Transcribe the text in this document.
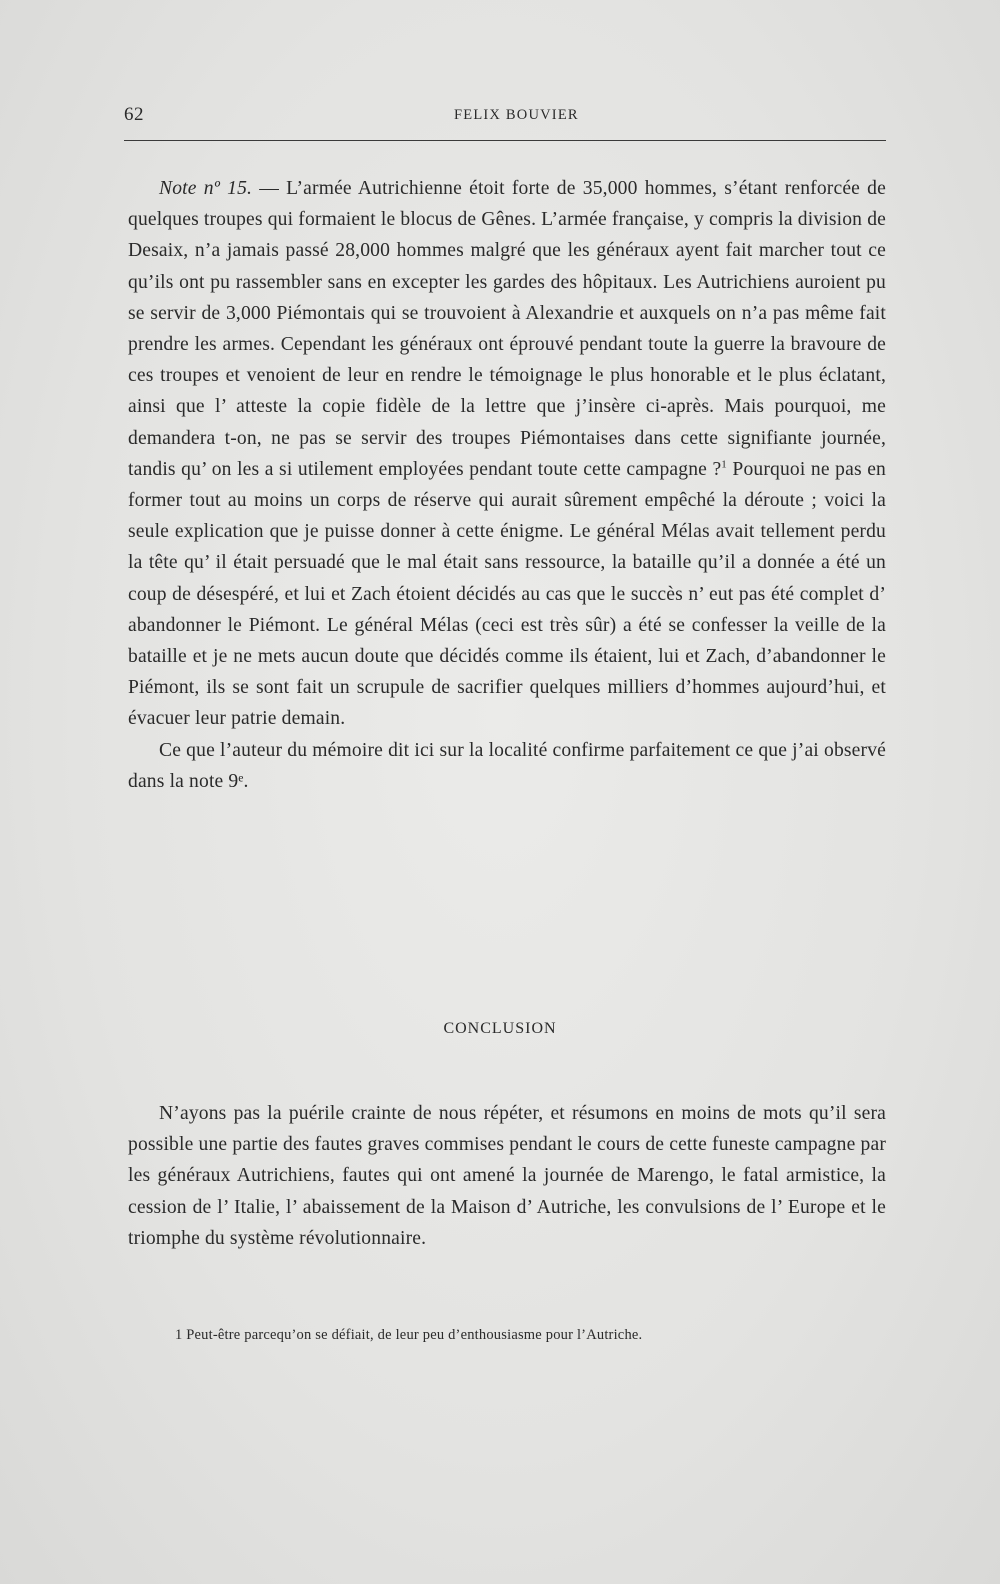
62	FELIX BOUVIER

Note nº 15. — L’armée Autrichienne étoit forte de 35,000 hommes, s’étant renforcée de quelques troupes qui formaient le blocus de Gênes. L’armée française, y compris la division de Desaix, n’a jamais passé 28,000 hommes malgré que les généraux ayent fait marcher tout ce qu’ils ont pu rassembler sans en excepter les gardes des hôpitaux. Les Autrichiens auroient pu se servir de 3,000 Piémontais qui se trouvoient à Alexandrie et auxquels on n’a pas même fait prendre les armes. Cependant les généraux ont éprouvé pendant toute la guerre la bravoure de ces troupes et venoient de leur en rendre le témoignage le plus honorable et le plus éclatant, ainsi que l’ atteste la copie fidèle de la lettre que j’insère ci-après. Mais pourquoi, me demandera t-on, ne pas se servir des troupes Piémontaises dans cette signifiante journée, tandis qu’ on les a si utilement employées pendant toute cette campagne ?$^1$ Pourquoi ne pas en former tout au moins un corps de réserve qui aurait sûrement empêché la déroute ; voici la seule explication que je puisse donner à cette énigme. Le général Mélas avait tellement perdu la tête qu’ il était persuadé que le mal était sans ressource, la bataille qu’il a donnée a été un coup de désespéré, et lui et Zach étoient décidés au cas que le succès n’ eut pas été complet d’ abandonner le Piémont. Le général Mélas (ceci est très sûr) a été se confesser la veille de la bataille et je ne mets aucun doute que décidés comme ils étaient, lui et Zach, d’abandonner le Piémont, ils se sont fait un scrupule de sacrifier quelques milliers d’hommes aujourd’hui, et évacuer leur patrie demain.

Ce que l’auteur du mémoire dit ici sur la localité confirme parfaitement ce que j’ai observé dans la note 9ᵉ.

CONCLUSION

N’ayons pas la puérile crainte de nous répéter, et résumons en moins de mots qu’il sera possible une partie des fautes graves commises pendant le cours de cette funeste campagne par les généraux Autrichiens, fautes qui ont amené la journée de Marengo, le fatal armistice, la cession de l’ Italie, l’ abaissement de la Maison d’ Autriche, les convulsions de l’ Europe et le triomphe du système révolutionnaire.

1 Peut-être parcequ’on se défiait, de leur peu d’enthousiasme pour l’Autriche.
